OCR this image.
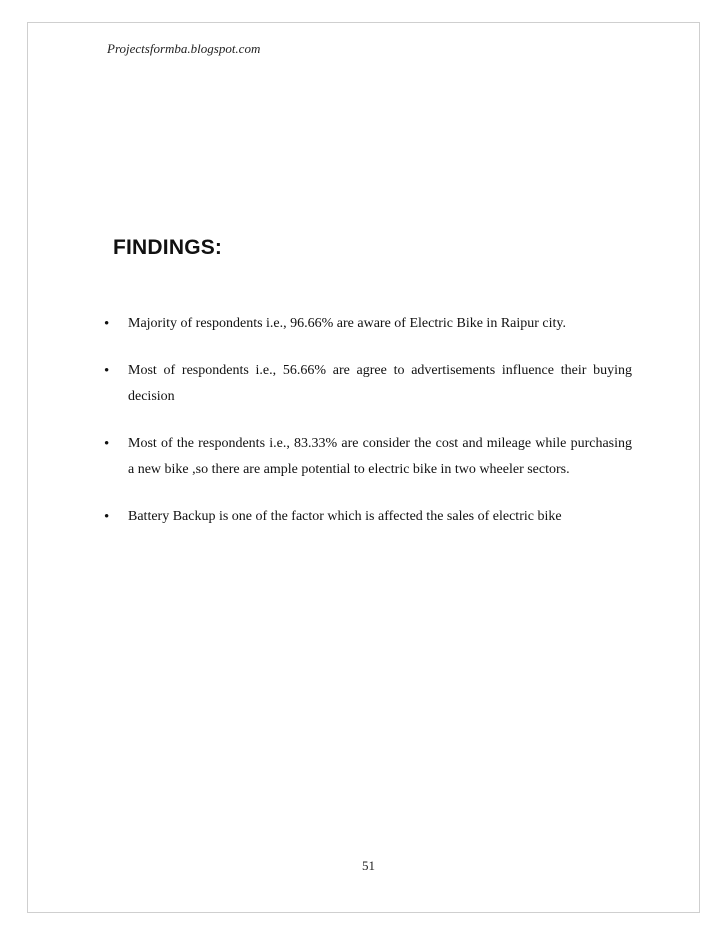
Projectsformba.blogspot.com
FINDINGS:
• Majority of respondents i.e., 96.66% are aware of Electric Bike in Raipur city.
• Most of respondents i.e., 56.66% are agree to advertisements influence their buying decision
• Most of the respondents i.e., 83.33% are consider the cost and mileage while purchasing a new bike ,so there are ample potential to electric bike in two wheeler sectors.
• Battery Backup is one of the factor which is affected the sales of electric bike
51
